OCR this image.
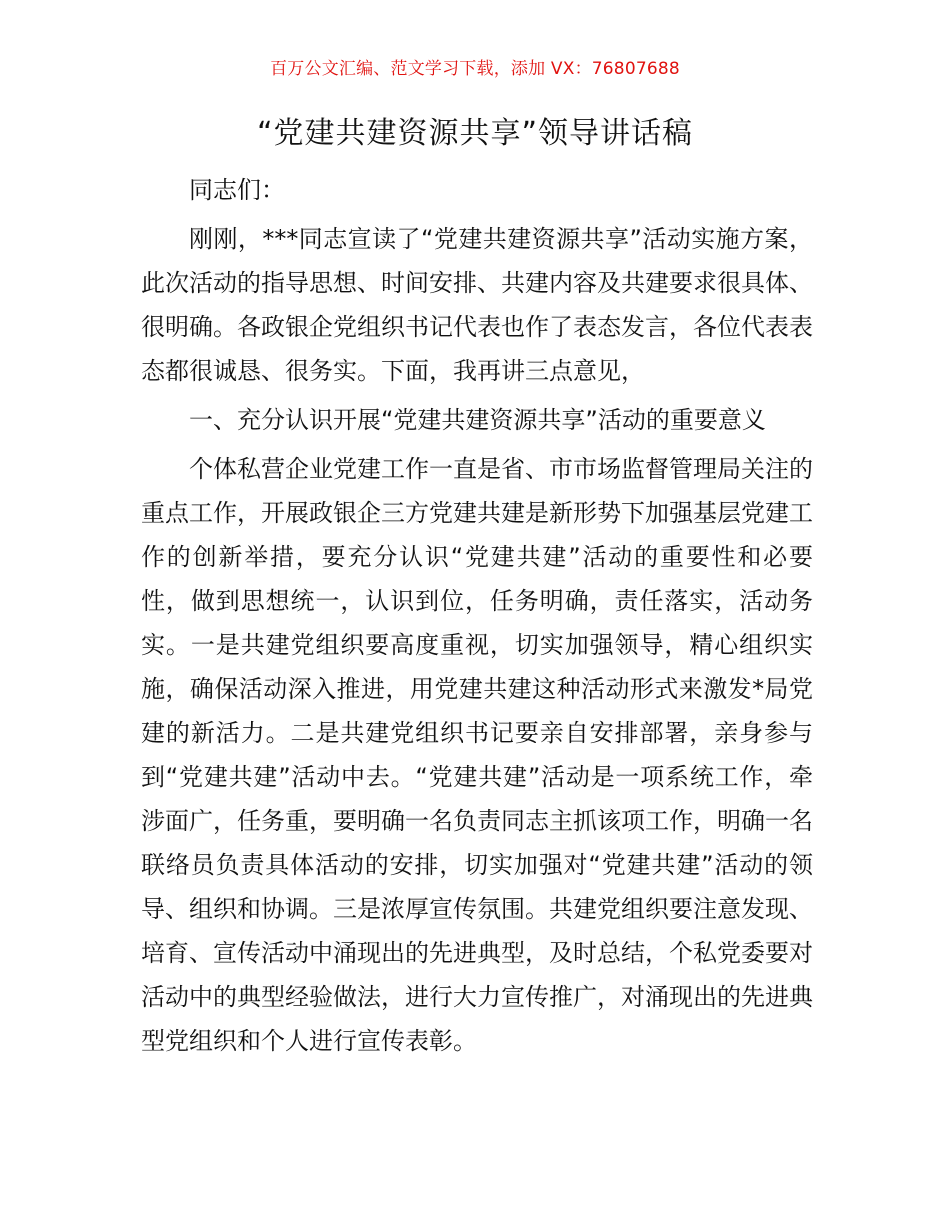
百万公文汇编、范文学习下载，添加 VX：76807688
“党建共建资源共享”领导讲话稿

同志们：

刚刚，***同志宣读了“党建共建资源共享”活动实施方案，此次活动的指导思想、时间安排、共建内容及共建要求很具体、很明确。各政银企党组织书记代表也作了表态发言，各位代表表态都很诚恳、很务实。下面，我再讲三点意见，

一、充分认识开展“党建共建资源共享”活动的重要意义

个体私营企业党建工作一直是省、市市场监督管理局关注的重点工作，开展政银企三方党建共建是新形势下加强基层党建工作的创新举措，要充分认识“党建共建”活动的重要性和必要性，做到思想统一，认识到位，任务明确，责任落实，活动务实。一是共建党组织要高度重视，切实加强领导，精心组织实施，确保活动深入推进，用党建共建这种活动形式来激发*局党建的新活力。二是共建党组织书记要亲自安排部署，亲身参与到“党建共建”活动中去。“党建共建”活动是一项系统工作，牵涉面广，任务重，要明确一名负责同志主抓该项工作，明确一名联络员负责具体活动的安排，切实加强对“党建共建”活动的领导、组织和协调。三是浓厚宣传氛围。共建党组织要注意发现、培育、宣传活动中涌现出的先进典型，及时总结，个私党委要对活动中的典型经验做法，进行大力宣传推广，对涌现出的先进典型党组织和个人进行宣传表彰。
